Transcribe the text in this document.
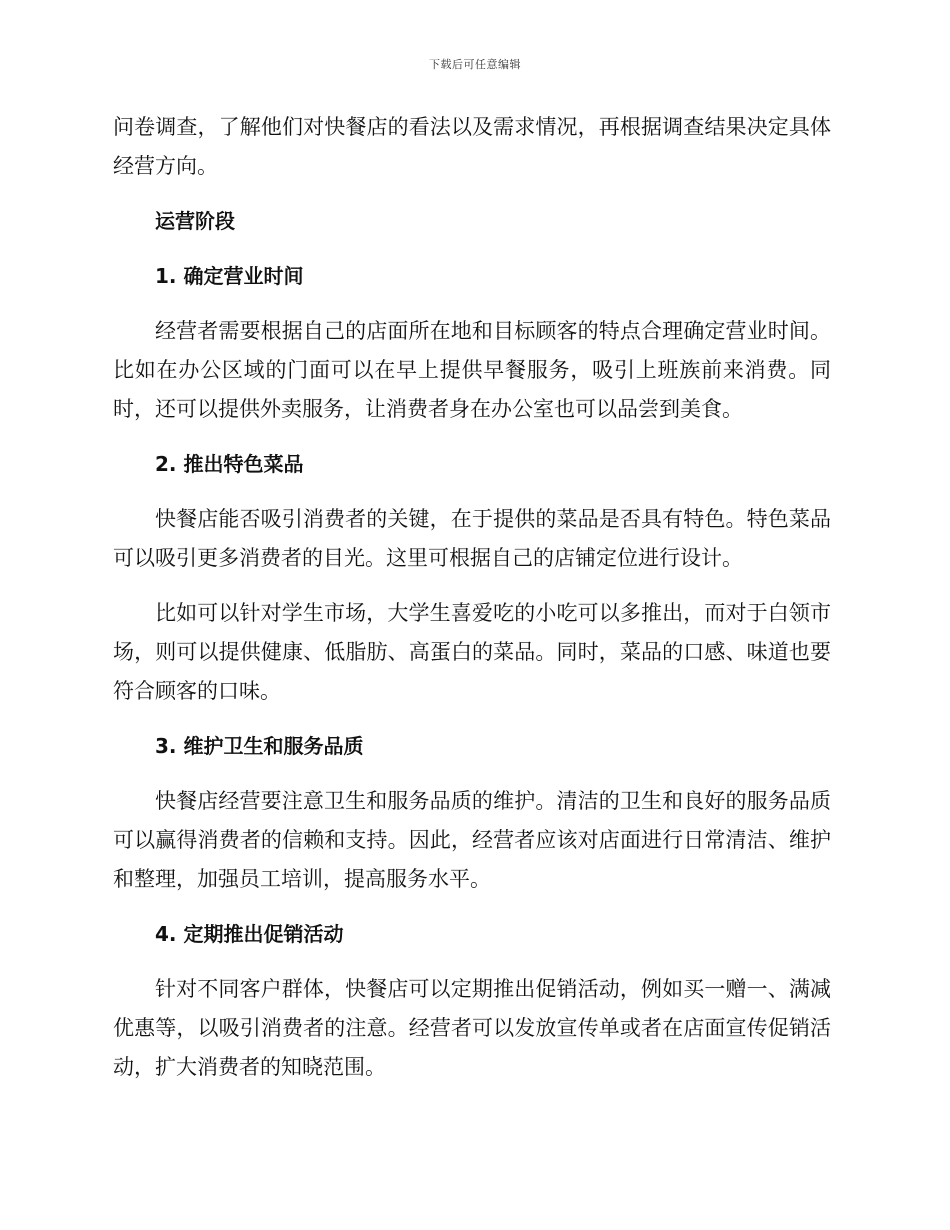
下载后可任意编辑

问卷调查，了解他们对快餐店的看法以及需求情况，再根据调查结果决定具体经营方向。

运营阶段
1. 确定营业时间

经营者需要根据自己的店面所在地和目标顾客的特点合理确定营业时间。比如在办公区域的门面可以在早上提供早餐服务，吸引上班族前来消费。同时，还可以提供外卖服务，让消费者身在办公室也可以品尝到美食。

2. 推出特色菜品

快餐店能否吸引消费者的关键，在于提供的菜品是否具有特色。特色菜品可以吸引更多消费者的目光。这里可根据自己的店铺定位进行设计。

比如可以针对学生市场，大学生喜爱吃的小吃可以多推出，而对于白领市场，则可以提供健康、低脂肪、高蛋白的菜品。同时，菜品的口感、味道也要符合顾客的口味。

3. 维护卫生和服务品质

快餐店经营要注意卫生和服务品质的维护。清洁的卫生和良好的服务品质可以赢得消费者的信赖和支持。因此，经营者应该对店面进行日常清洁、维护和整理，加强员工培训，提高服务水平。

4. 定期推出促销活动

针对不同客户群体，快餐店可以定期推出促销活动，例如买一赠一、满减优惠等，以吸引消费者的注意。经营者可以发放宣传单或者在店面宣传促销活动，扩大消费者的知晓范围。
